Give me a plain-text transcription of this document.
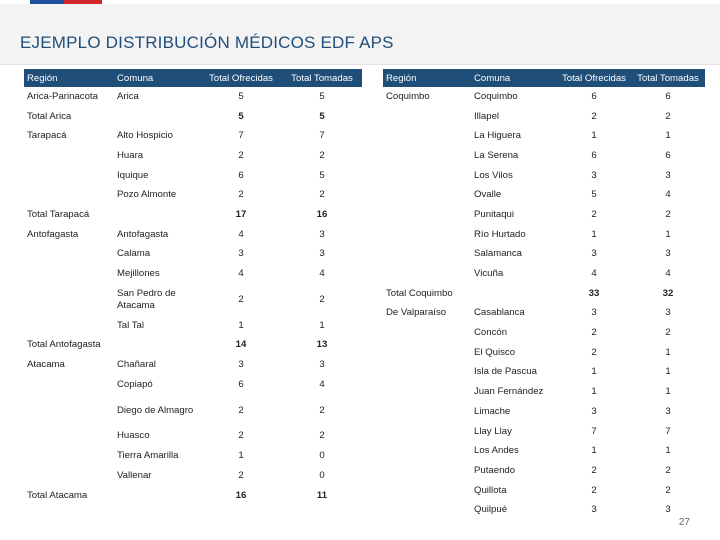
EJEMPLO DISTRIBUCIÓN MÉDICOS EDF APS
Región	Comuna	Total Ofrecidas	Total Tomadas
Arica-Parinacota	Arica	5	5
Total Arica		5	5
Tarapacá	Alto Hospicio	7	7
	Huara	2	2
	Iquique	6	5
	Pozo Almonte	2	2
Total Tarapacá		17	16
Antofagasta	Antofagasta	4	3
	Calama	3	3
	Mejillones	4	4
	San Pedro de Atacama	2	2
	Tal Tal	1	1
Total Antofagasta		14	13
Atacama	Chañaral	3	3
	Copiapó	6	4
	Diego de Almagro	2	2
	Huasco	2	2
	Tierra Amarilla	1	0
	Vallenar	2	0
Total Atacama		16	11
Región	Comuna	Total Ofrecidas	Total Tomadas
Coquimbo	Coquimbo	6	6
	Illapel	2	2
	La Higuera	1	1
	La Serena	6	6
	Los Vilos	3	3
	Ovalle	5	4
	Punitaqui	2	2
	Río Hurtado	1	1
	Salamanca	3	3
	Vicuña	4	4
Total Coquimbo		33	32
De Valparaíso	Casablanca	3	3
	Concón	2	2
	El Quisco	2	1
	Isla de Pascua	1	1
	Juan Fernández	1	1
	Limache	3	3
	Llay Llay	7	7
	Los Andes	1	1
	Putaendo	2	2
	Quillota	2	2
	Quilpué	3	3
27
